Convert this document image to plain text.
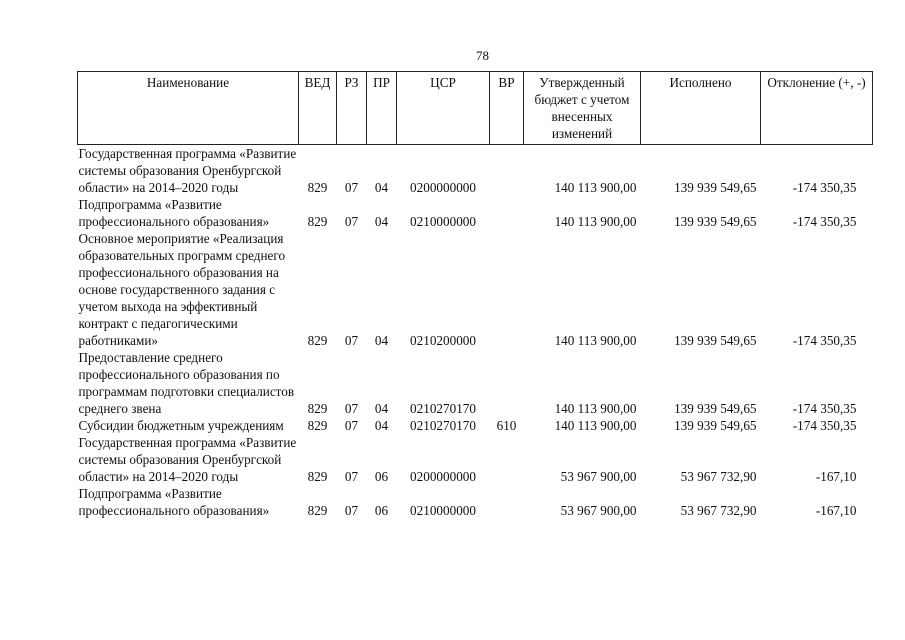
78
Наименование	ВЕД	РЗ	ПР	ЦСР	ВР	Утвержденный бюджет с учетом внесенных изменений	Исполнено	Отклонение (+, -)
Государственная программа «Развитие системы образования Оренбургской области» на 2014–2020 годы	829	07	04	0200000000		140 113 900,00	139 939 549,65	-174 350,35
Подпрограмма «Развитие профессионального образования»	829	07	04	0210000000		140 113 900,00	139 939 549,65	-174 350,35
Основное мероприятие «Реализация образовательных программ среднего профессионального образования на основе государственного задания с учетом выхода на эффективный контракт с педагогическими работниками»	829	07	04	0210200000		140 113 900,00	139 939 549,65	-174 350,35
Предоставление среднего профессионального образования по программам подготовки специалистов среднего звена	829	07	04	0210270170		140 113 900,00	139 939 549,65	-174 350,35
Субсидии бюджетным учреждениям	829	07	04	0210270170	610	140 113 900,00	139 939 549,65	-174 350,35
Государственная программа «Развитие системы образования Оренбургской области» на 2014–2020 годы	829	07	06	0200000000		53 967 900,00	53 967 732,90	-167,10
Подпрограмма «Развитие профессионального образования»	829	07	06	0210000000		53 967 900,00	53 967 732,90	-167,10
